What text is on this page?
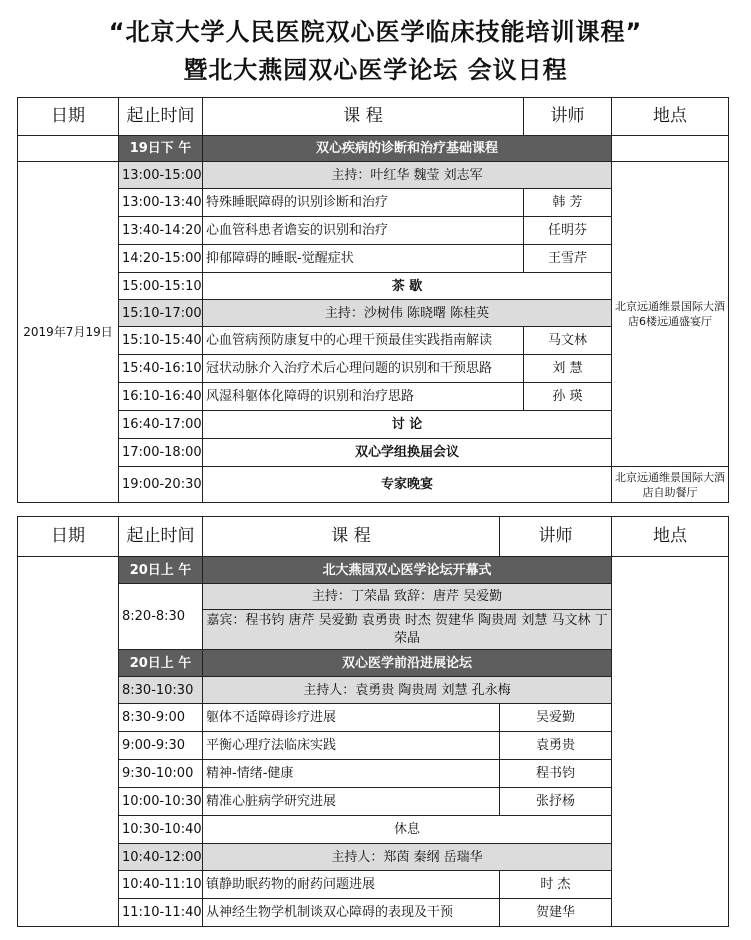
“北京大学人民医院双心医学临床技能培训课程”
暨北大燕园双心医学论坛 会议日程
日期	起止时间	课 程	讲师	地点
	19日下 午	双心疾病的诊断和治疗基础课程		
2019年7月19日	13:00-15:00	主持：叶红华 魏莹 刘志军		北京远通维景国际大酒店6楼远通盛宴厅
	13:00-13:40	特殊睡眠障碍的识别诊断和治疗	韩 芳	
	13:40-14:20	心血管科患者谵妄的识别和治疗	任明芬	
	14:20-15:00	抑郁障碍的睡眠-觉醒症状	王雪芹	
	15:00-15:10	茶 歇		
	15:10-17:00	主持：沙树伟 陈晓曙 陈桂英		
	15:10-15:40	心血管病预防康复中的心理干预最佳实践指南解读	马文林	
	15:40-16:10	冠状动脉介入治疗术后心理问题的识别和干预思路	刘 慧	
	16:10-16:40	风湿科躯体化障碍的识别和治疗思路	孙 瑛	
	16:40-17:00	讨 论		
	17:00-18:00	双心学组换届会议		
	19:00-20:30	专家晚宴		北京远通维景国际大酒店自助餐厅
日期	起止时间	课 程	讲师	地点
	20日上 午	北大燕园双心医学论坛开幕式		
	8:20-8:30	主持：丁荣晶 致辞：唐芹 吴爱勤		
		嘉宾：程书钧 唐芹 吴爱勤 袁勇贵 时杰 贺建华 陶贵周 刘慧 马文林 丁荣晶		
	20日上 午	双心医学前沿进展论坛		
	8:30-10:30	主持人：袁勇贵 陶贵周 刘慧 孔永梅		
	8:30-9:00	躯体不适障碍诊疗进展	吴爱勤	
	9:00-9:30	平衡心理疗法临床实践	袁勇贵	
	9:30-10:00	精神-情绪-健康	程书钧	
	10:00-10:30	精准心脏病学研究进展	张抒杨	
	10:30-10:40	休息		
	10:40-12:00	主持人：郑茵 秦纲 岳瑞华		
	10:40-11:10	镇静助眠药物的耐药问题进展	时 杰	
	11:10-11:40	从神经生物学机制谈双心障碍的表现及干预	贺建华	
